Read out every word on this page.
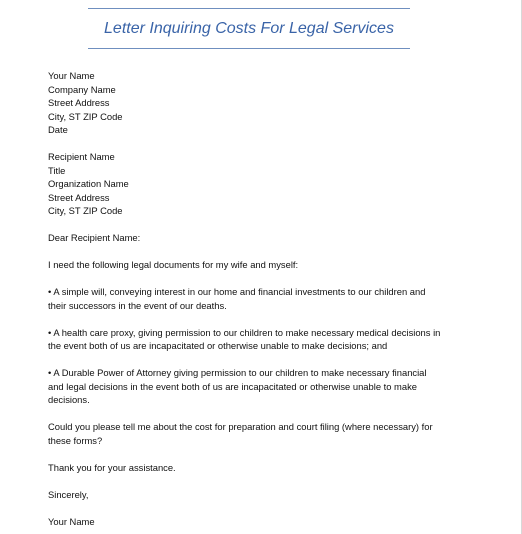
Letter Inquiring Costs For Legal Services
Your Name
Company Name
Street Address
City, ST ZIP Code
Date
Recipient Name
Title
Organization Name
Street Address
City, ST ZIP Code
Dear Recipient Name:
I need the following legal documents for my wife and myself:
• A simple will, conveying interest in our home and financial investments to our children and
their successors in the event of our deaths.
• A health care proxy, giving permission to our children to make necessary medical decisions in
the event both of us are incapacitated or otherwise unable to make decisions; and
• A Durable Power of Attorney giving permission to our children to make necessary financial
and legal decisions in the event both of us are incapacitated or otherwise unable to make
decisions.
Could you please tell me about the cost for preparation and court filing (where necessary) for
these forms?
Thank you for your assistance.
Sincerely,
Your Name
